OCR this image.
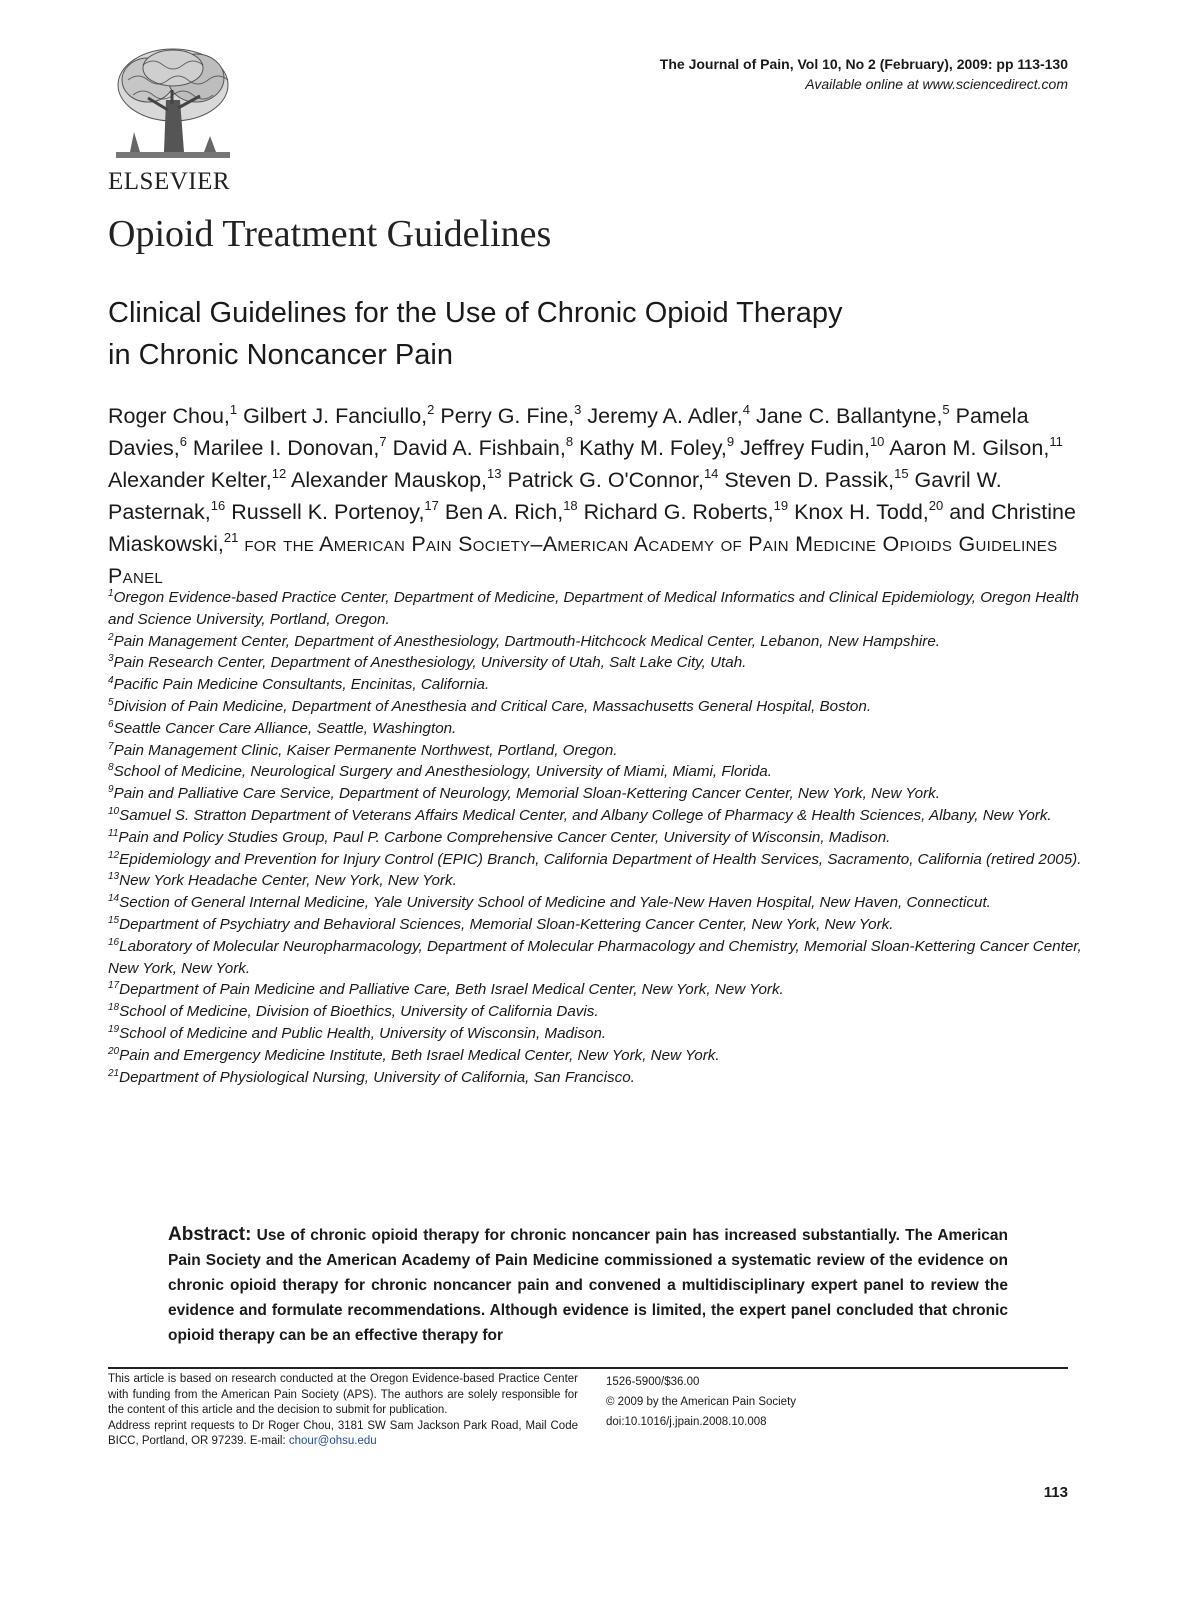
ELSEVIER
The Journal of Pain, Vol 10, No 2 (February), 2009: pp 113-130
Available online at www.sciencedirect.com
Opioid Treatment Guidelines
Clinical Guidelines for the Use of Chronic Opioid Therapy
in Chronic Noncancer Pain
Roger Chou,$^1$ Gilbert J. Fanciullo,$^2$ Perry G. Fine,$^3$ Jeremy A. Adler,$^4$ Jane C. Ballantyne,$^5$ Pamela Davies,$^6$ Marilee I. Donovan,$^7$ David A. Fishbain,$^8$ Kathy M. Foley,$^9$ Jeffrey Fudin,$^{10}$ Aaron M. Gilson,$^{11}$ Alexander Kelter,$^{12}$ Alexander Mauskop,$^{13}$ Patrick G. O'Connor,$^{14}$ Steven D. Passik,$^{15}$ Gavril W. Pasternak,$^{16}$ Russell K. Portenoy,$^{17}$ Ben A. Rich,$^{18}$ Richard G. Roberts,$^{19}$ Knox H. Todd,$^{20}$ and Christine Miaskowski,$^{21}$ for the American Pain Society–American Academy of Pain Medicine Opioids Guidelines Panel

$^1$Oregon Evidence-based Practice Center, Department of Medicine, Department of Medical Informatics and Clinical Epidemiology, Oregon Health and Science University, Portland, Oregon.

$^2$Pain Management Center, Department of Anesthesiology, Dartmouth-Hitchcock Medical Center, Lebanon, New Hampshire.

$^3$Pain Research Center, Department of Anesthesiology, University of Utah, Salt Lake City, Utah.

$^4$Pacific Pain Medicine Consultants, Encinitas, California.

$^5$Division of Pain Medicine, Department of Anesthesia and Critical Care, Massachusetts General Hospital, Boston.

$^6$Seattle Cancer Care Alliance, Seattle, Washington.

$^7$Pain Management Clinic, Kaiser Permanente Northwest, Portland, Oregon.

$^8$School of Medicine, Neurological Surgery and Anesthesiology, University of Miami, Miami, Florida.

$^9$Pain and Palliative Care Service, Department of Neurology, Memorial Sloan-Kettering Cancer Center, New York, New York.

$^{10}$Samuel S. Stratton Department of Veterans Affairs Medical Center, and Albany College of Pharmacy & Health Sciences, Albany, New York.

$^{11}$Pain and Policy Studies Group, Paul P. Carbone Comprehensive Cancer Center, University of Wisconsin, Madison.

$^{12}$Epidemiology and Prevention for Injury Control (EPIC) Branch, California Department of Health Services, Sacramento, California (retired 2005).

$^{13}$New York Headache Center, New York, New York.

$^{14}$Section of General Internal Medicine, Yale University School of Medicine and Yale-New Haven Hospital, New Haven, Connecticut.

$^{15}$Department of Psychiatry and Behavioral Sciences, Memorial Sloan-Kettering Cancer Center, New York, New York.

$^{16}$Laboratory of Molecular Neuropharmacology, Department of Molecular Pharmacology and Chemistry, Memorial Sloan-Kettering Cancer Center, New York, New York.

$^{17}$Department of Pain Medicine and Palliative Care, Beth Israel Medical Center, New York, New York.

$^{18}$School of Medicine, Division of Bioethics, University of California Davis.

$^{19}$School of Medicine and Public Health, University of Wisconsin, Madison.

$^{20}$Pain and Emergency Medicine Institute, Beth Israel Medical Center, New York, New York.

$^{21}$Department of Physiological Nursing, University of California, San Francisco.

Abstract: Use of chronic opioid therapy for chronic noncancer pain has increased substantially. The American Pain Society and the American Academy of Pain Medicine commissioned a systematic review of the evidence on chronic opioid therapy for chronic noncancer pain and convened a multidisciplinary expert panel to review the evidence and formulate recommendations. Although evidence is limited, the expert panel concluded that chronic opioid therapy can be an effective therapy for

This article is based on research conducted at the Oregon Evidence-based Practice Center with funding from the American Pain Society (APS). The authors are solely responsible for the content of this article and the decision to submit for publication.

Address reprint requests to Dr Roger Chou, 3181 SW Sam Jackson Park Road, Mail Code BICC, Portland, OR 97239. E-mail: chour@ohsu.edu

1526-5900/$36.00
© 2009 by the American Pain Society
doi:10.1016/j.jpain.2008.10.008
113
